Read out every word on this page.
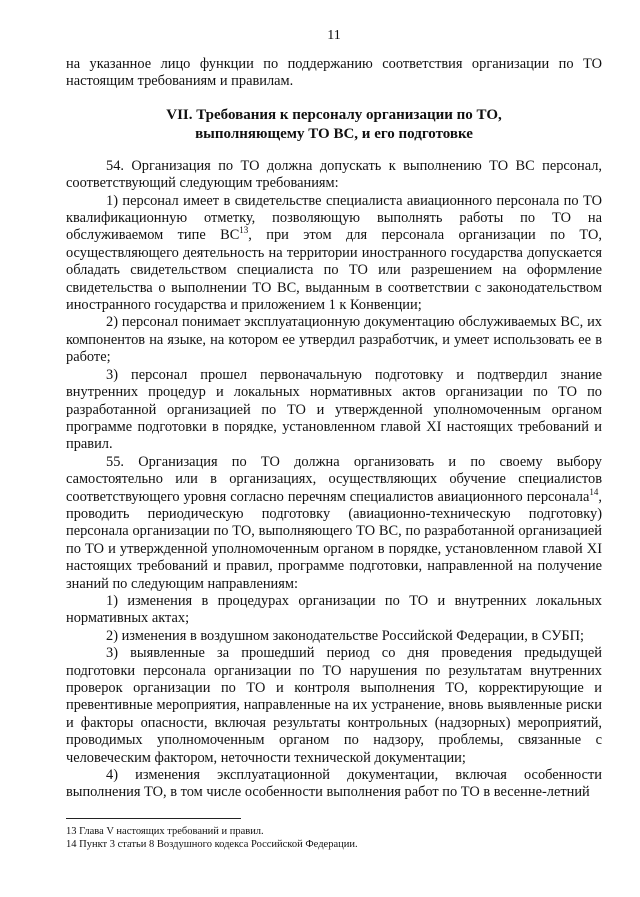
11

на указанное лицо функции по поддержанию соответствия организации по ТО настоящим требованиям и правилам.

VII. Требования к персоналу организации по ТО,
выполняющему ТО ВС, и его подготовке

54. Организация по ТО должна допускать к выполнению ТО ВС персонал, соответствующий следующим требованиям:

1) персонал имеет в свидетельстве специалиста авиационного персонала по ТО квалификационную отметку, позволяющую выполнять работы по ТО на обслуживаемом типе ВС$^{13}$, при этом для персонала организации по ТО, осуществляющего деятельность на территории иностранного государства допускается обладать свидетельством специалиста по ТО или разрешением на оформление свидетельства о выполнении ТО ВС, выданным в соответствии с законодательством иностранного государства и приложением 1 к Конвенции;

2) персонал понимает эксплуатационную документацию обслуживаемых ВС, их компонентов на языке, на котором ее утвердил разработчик, и умеет использовать ее в работе;

3) персонал прошел первоначальную подготовку и подтвердил знание внутренних процедур и локальных нормативных актов организации по ТО по разработанной организацией по ТО и утвержденной уполномоченным органом программе подготовки в порядке, установленном главой XI настоящих требований и правил.

55. Организация по ТО должна организовать и по своему выбору самостоятельно или в организациях, осуществляющих обучение специалистов соответствующего уровня согласно перечням специалистов авиационного персонала$^{14}$, проводить периодическую подготовку (авиационно-техническую подготовку) персонала организации по ТО, выполняющего ТО ВС, по разработанной организацией по ТО и утвержденной уполномоченным органом в порядке, установленном главой XI настоящих требований и правил, программе подготовки, направленной на получение знаний по следующим направлениям:

1) изменения в процедурах организации по ТО и внутренних локальных нормативных актах;

2) изменения в воздушном законодательстве Российской Федерации, в СУБП;

3) выявленные за прошедший период со дня проведения предыдущей подготовки персонала организации по ТО нарушения по результатам внутренних проверок организации по ТО и контроля выполнения ТО, корректирующие и превентивные мероприятия, направленные на их устранение, вновь выявленные риски и факторы опасности, включая результаты контрольных (надзорных) мероприятий, проводимых уполномоченным органом по надзору, проблемы, связанные с человеческим фактором, неточности технической документации;

4) изменения эксплуатационной документации, включая особенности выполнения ТО, в том числе особенности выполнения работ по ТО в весенне-летний

13 Глава V настоящих требований и правил.

14 Пункт 3 статьи 8 Воздушного кодекса Российской Федерации.
